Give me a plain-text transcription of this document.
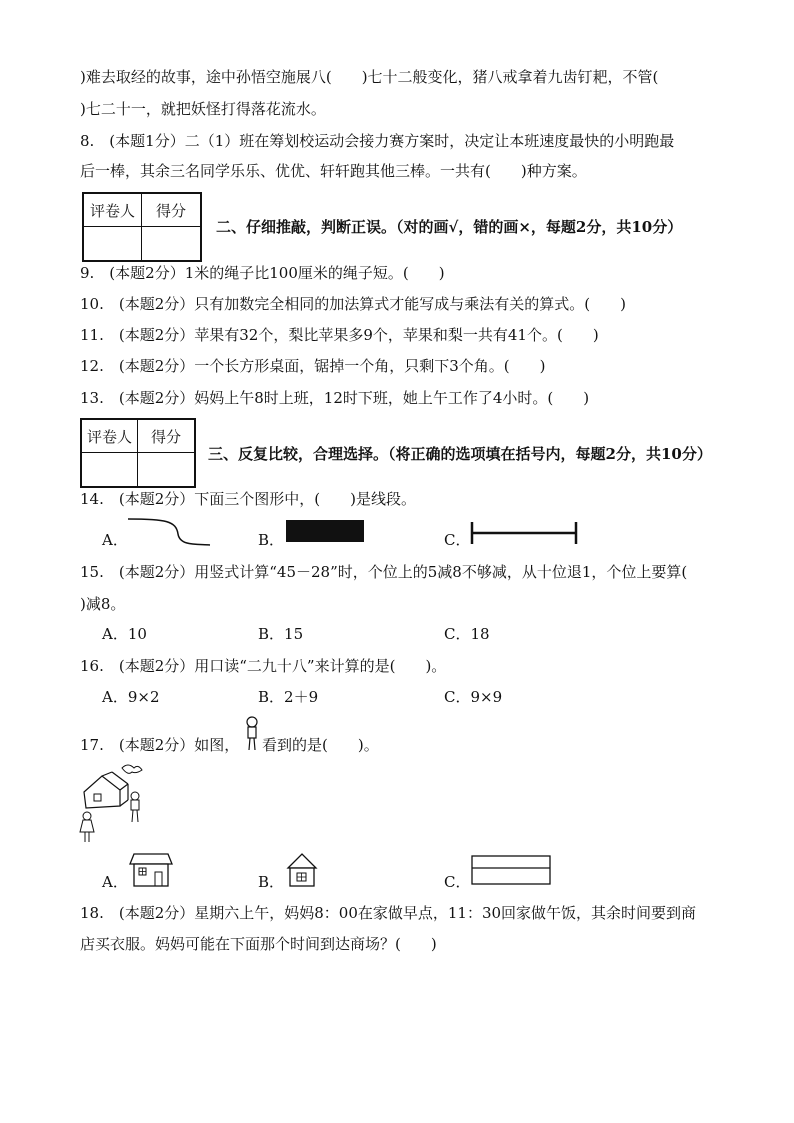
)难去取经的故事，途中孙悟空施展八(　　)七十二般变化，猪八戒拿着九齿钉耙，不管(
)七二十一，就把妖怪打得落花流水。
8.　(本题1分）二（1）班在筹划校运动会接力赛方案时，决定让本班速度最快的小明跑最
后一棒，其余三名同学乐乐、优优、轩轩跑其他三棒。一共有(　　)种方案。
评卷人	得分
二、仔细推敲，判断正误。（对的画√，错的画×，每题2分，共10分）
9.　(本题2分）1米的绳子比100厘米的绳子短。(　　)
10.　(本题2分）只有加数完全相同的加法算式才能写成与乘法有关的算式。(　　)
11.　(本题2分）苹果有32个，梨比苹果多9个，苹果和梨一共有41个。(　　)
12.　(本题2分）一个长方形桌面，锯掉一个角，只剩下3个角。(　　)
13.　(本题2分）妈妈上午8时上班，12时下班，她上午工作了4小时。(　　)
评卷人	得分
三、反复比较，合理选择。（将正确的选项填在括号内，每题2分，共10分）
14.　(本题2分）下面三个图形中，(　　)是线段。
A．	B．	C．
15.　(本题2分）用竖式计算“45－28”时，个位上的5减8不够减，从十位退1，个位上要算(
)减8。
A．10	B．15	C．18
16.　(本题2分）用口读“二九十八”来计算的是(　　)。
A．9×2	B．2＋9	C．9×9
17.　(本题2分）如图， 看到的是(　　)。
A．	B．	C．
18.　(本题2分）星期六上午，妈妈8：00在家做早点，11：30回家做午饭，其余时间要到商
店买衣服。妈妈可能在下面那个时间到达商场？(　　)
